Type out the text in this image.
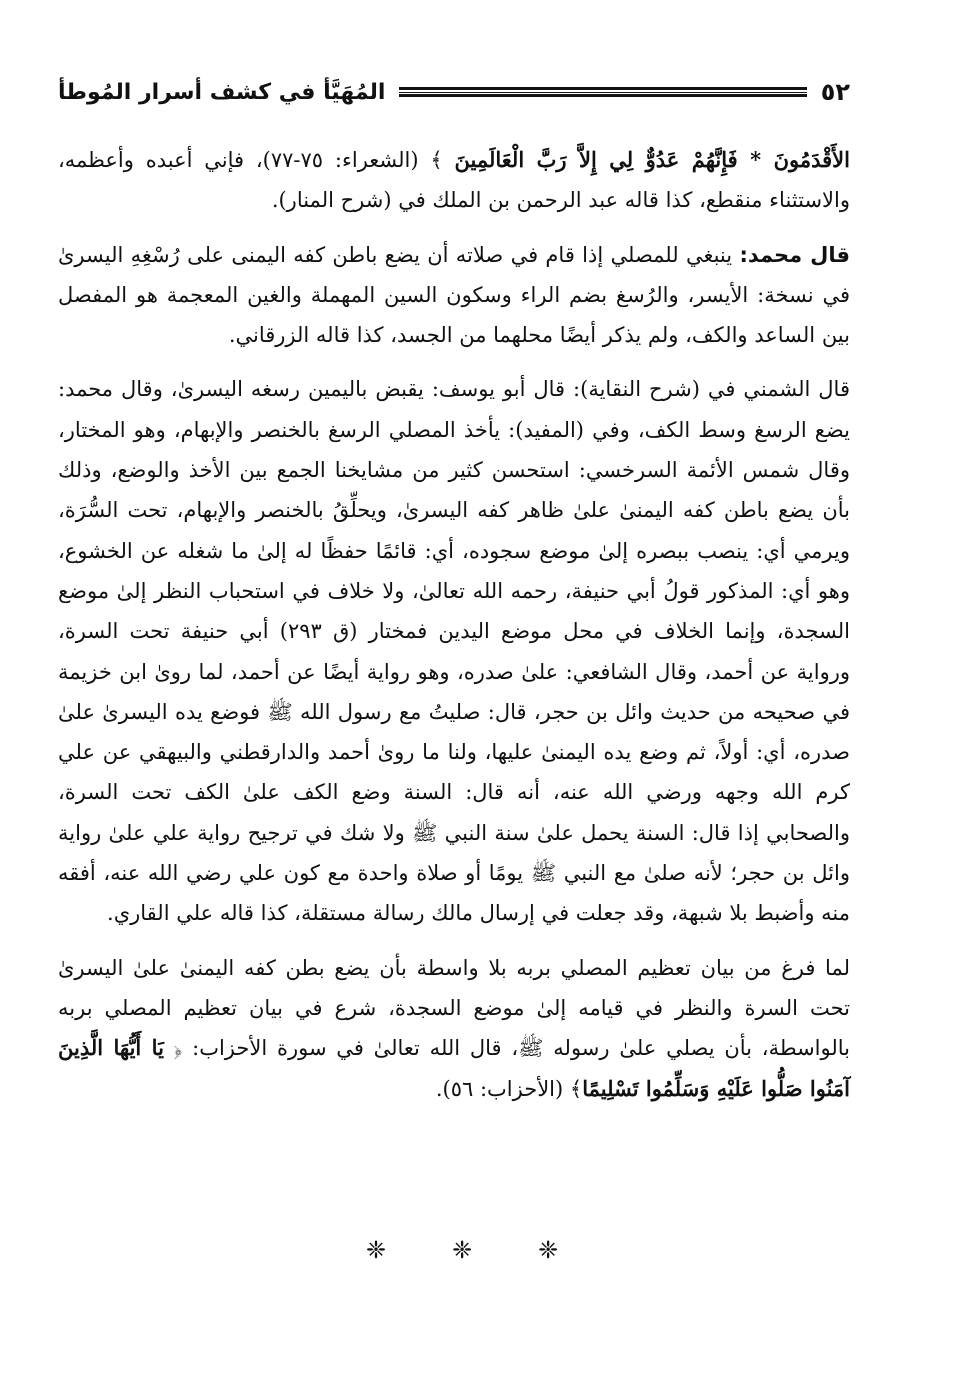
٥٢
المُهَيَّأ في كشف أسرار المُوطأ

الأَقْدَمُونَ * فَإِنَّهُمْ عَدُوٌّ لِي إِلاَّ رَبَّ الْعَالَمِينَ ﴾ (الشعراء: ٧٥-٧٧)، فإني أعبده وأعظمه، والاستثناء منقطع، كذا قاله عبد الرحمن بن الملك في (شرح المنار).

قال محمد: ينبغي للمصلي إذا قام في صلاته أن يضع باطن كفه اليمنى على رُسْغِهِ اليسرىٰ في نسخة: الأيسر، والرُسغ بضم الراء وسكون السين المهملة والغين المعجمة هو المفصل بين الساعد والكف، ولم يذكر أيضًا محلهما من الجسد، كذا قاله الزرقاني.

قال الشمني في (شرح النقاية): قال أبو يوسف: يقبض باليمين رسغه اليسرىٰ، وقال محمد: يضع الرسغ وسط الكف، وفي (المفيد): يأخذ المصلي الرسغ بالخنصر والإبهام، وهو المختار، وقال شمس الأئمة السرخسي: استحسن كثير من مشايخنا الجمع بين الأخذ والوضع، وذلك بأن يضع باطن كفه اليمنىٰ علىٰ ظاهر كفه اليسرىٰ، ويحلِّقُ بالخنصر والإبهام، تحت السُّرَة، ويرمي أي: ينصب ببصره إلىٰ موضع سجوده، أي: قائمًا حفظًا له إلىٰ ما شغله عن الخشوع، وهو أي: المذكور قولُ أبي حنيفة، رحمه الله تعالىٰ، ولا خلاف في استحباب النظر إلىٰ موضع السجدة، وإنما الخلاف في محل موضع اليدين فمختار (ق ٢٩٣) أبي حنيفة تحت السرة، ورواية عن أحمد، وقال الشافعي: علىٰ صدره، وهو رواية أيضًا عن أحمد، لما روىٰ ابن خزيمة في صحيحه من حديث وائل بن حجر، قال: صليتُ مع رسول الله ﷺ فوضع يده اليسرىٰ علىٰ صدره، أي: أولاً، ثم وضع يده اليمنىٰ عليها، ولنا ما روىٰ أحمد والدارقطني والبيهقي عن علي كرم الله وجهه ورضي الله عنه، أنه قال: السنة وضع الكف علىٰ الكف تحت السرة، والصحابي إذا قال: السنة يحمل علىٰ سنة النبي ﷺ ولا شك في ترجيح رواية علي علىٰ رواية وائل بن حجر؛ لأنه صلىٰ مع النبي ﷺ يومًا أو صلاة واحدة مع كون علي رضي الله عنه، أفقه منه وأضبط بلا شبهة، وقد جعلت في إرسال مالك رسالة مستقلة، كذا قاله علي القاري.

لما فرغ من بيان تعظيم المصلي بربه بلا واسطة بأن يضع بطن كفه اليمنىٰ علىٰ اليسرىٰ تحت السرة والنظر في قيامه إلىٰ موضع السجدة، شرع في بيان تعظيم المصلي بربه بالواسطة، بأن يصلي علىٰ رسوله ﷺ، قال الله تعالىٰ في سورة الأحزاب: ﴿ يَا أَيُّهَا الَّذِينَ آمَنُوا صَلُّوا عَلَيْهِ وَسَلِّمُوا تَسْلِيمًا﴾ (الأحزاب: ٥٦).

❈❈❈
